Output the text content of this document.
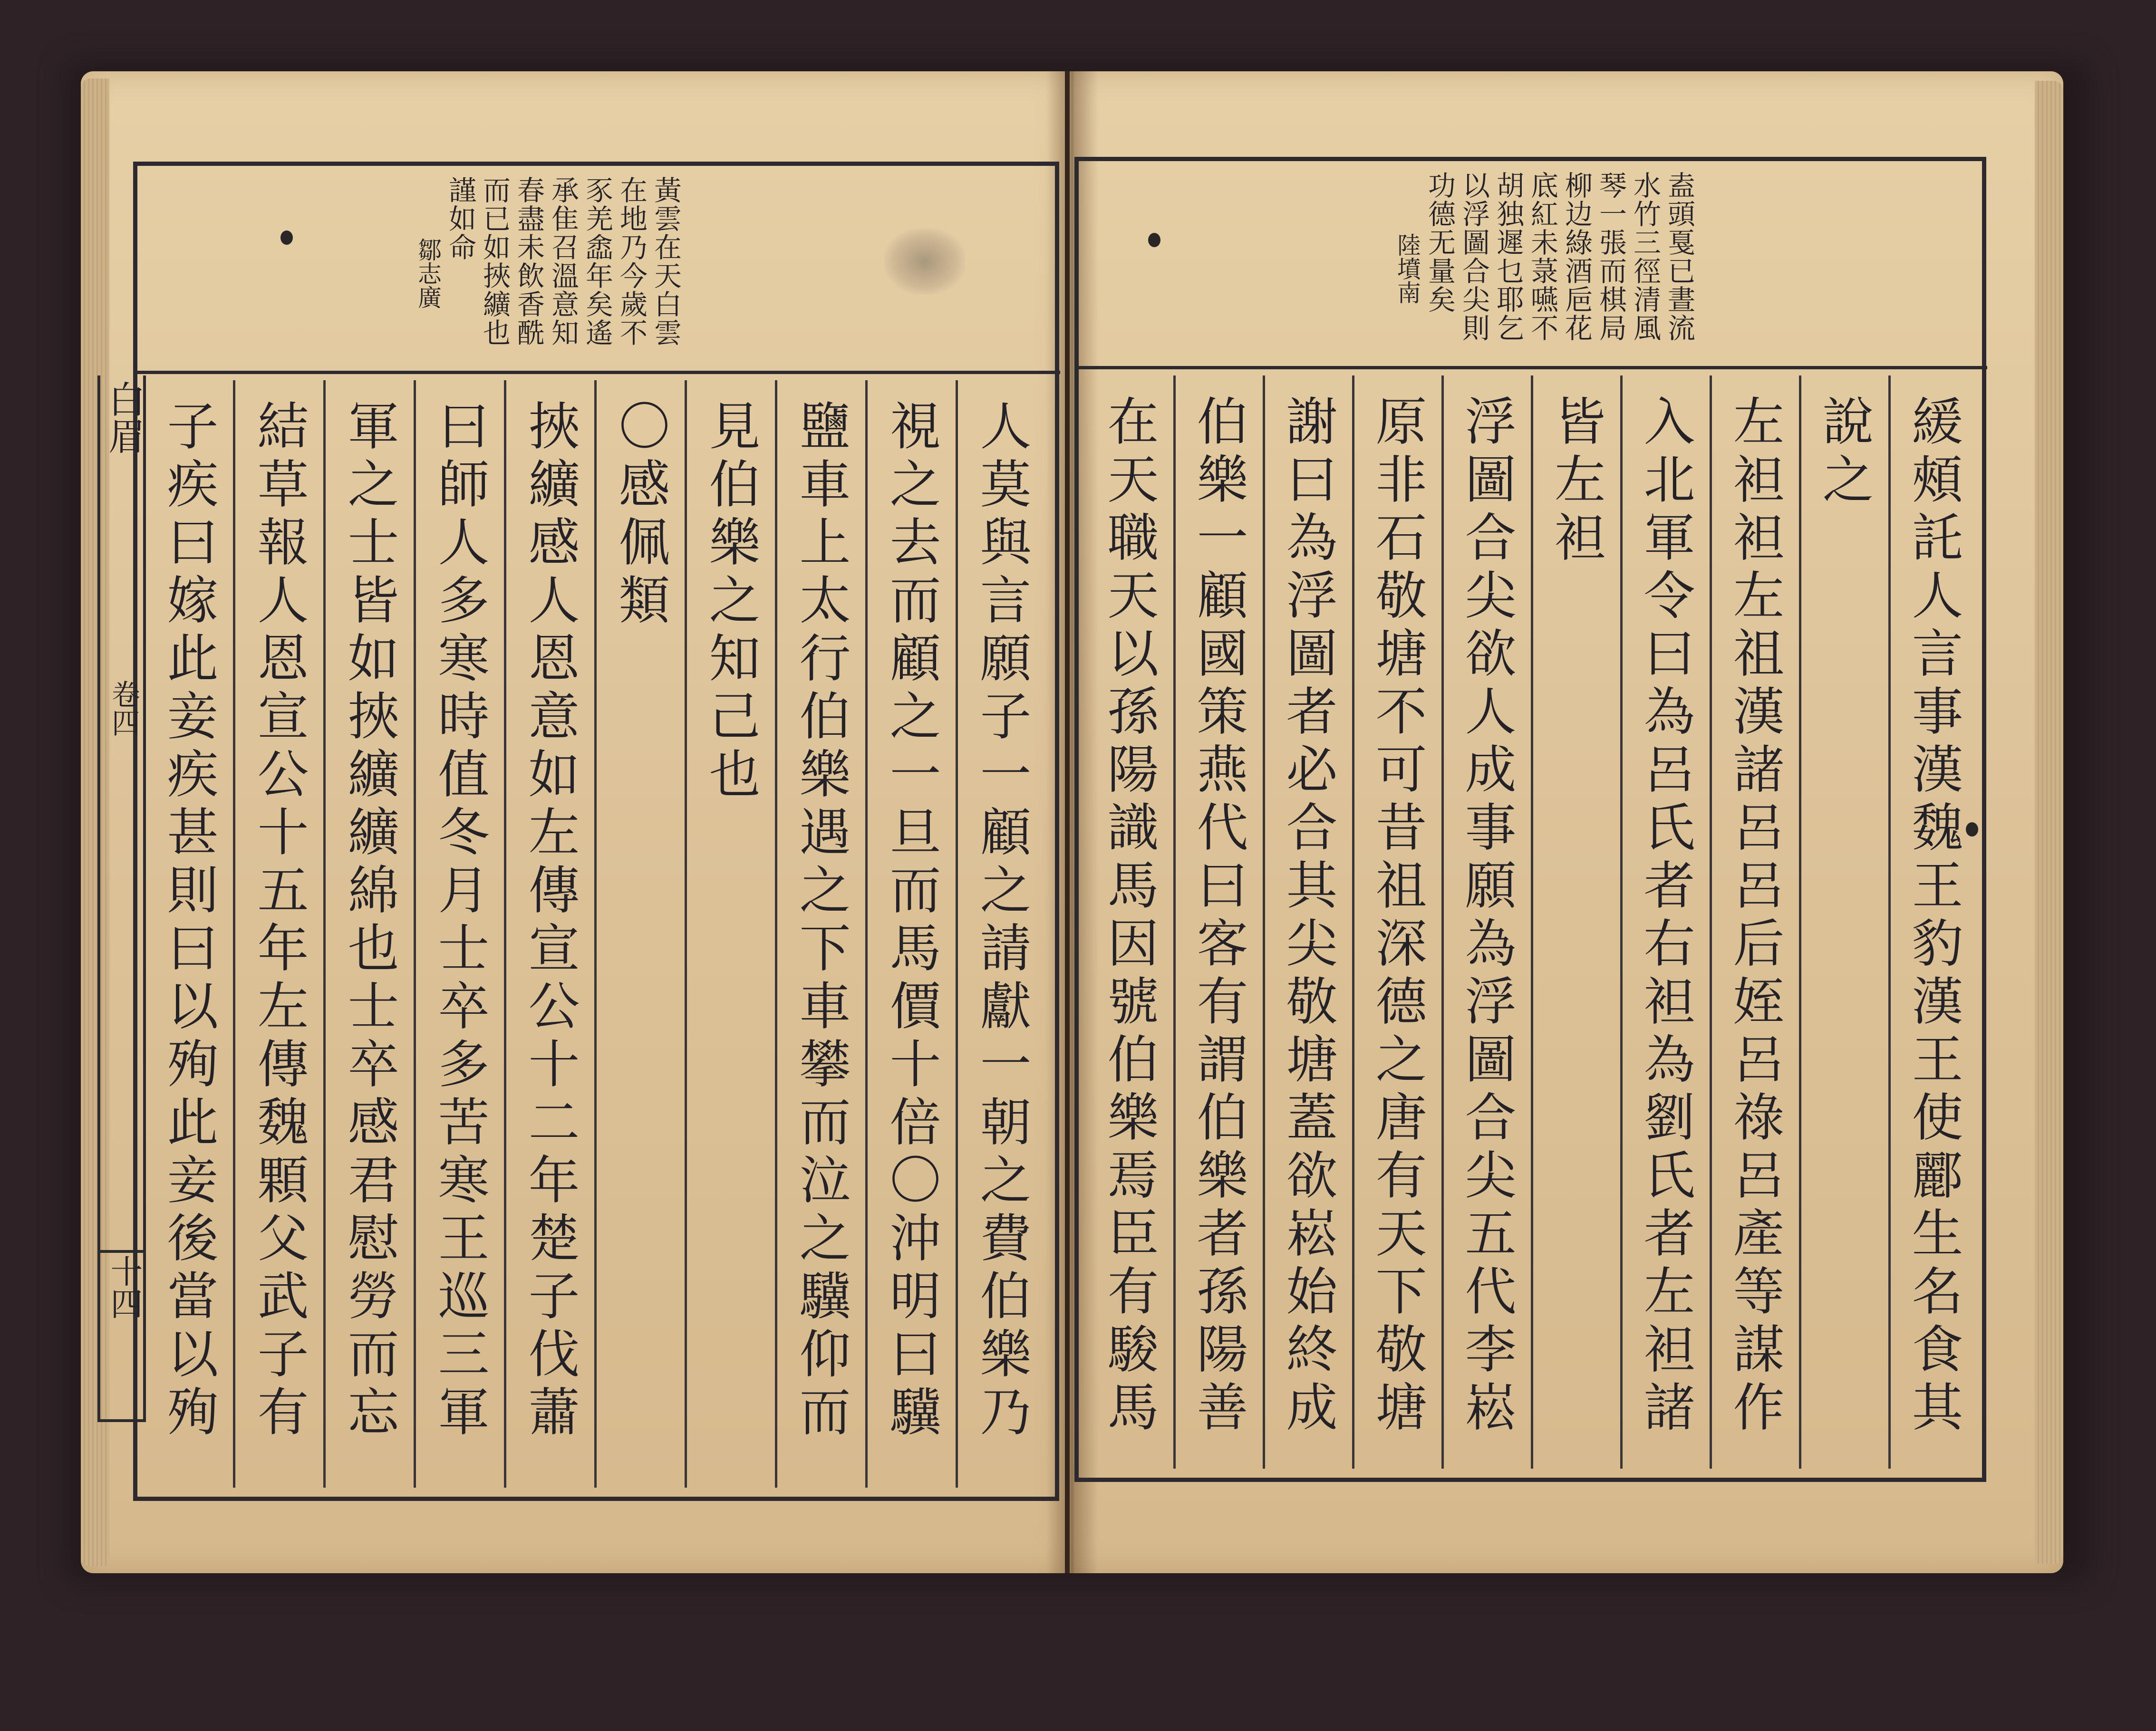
白眉
卷四
十四
黃雲在天白雲
在地乃今歲不
豕羌嵞年矣遙
承隹召溫意知
春盡未飲香酰
而已如挾纊也
謹如命
鄒志廣
人莫與言願子一顧之請獻一朝之費伯樂乃
視之去而顧之一旦而馬價十倍〇沖明曰驥
鹽車上太行伯樂遇之下車攀而泣之驥仰而
見伯樂之知己也
〇感佩類
挾纊感人恩意如左傳宣公十二年楚子伐蕭
曰師人多寒時值冬月士卒多苦寒王巡三軍
軍之士皆如挾纊纊綿也士卒感君慰勞而忘
結草報人恩宣公十五年左傳魏顆父武子有
子疾曰嫁此妾疾甚則曰以殉此妾後當以殉
盍頭戛已晝流
水竹三徑清風
琴一張而棋局
柳边綠酒巵花
底紅未菉嚥不
胡独遲乜耶乞
以浮圖合尖則
功德无量矣
陸墳南
緩頰託人言事漢魏王豹漢王使酈生名食其
說之
左袒袒左祖漢諸呂呂后姪呂祿呂產等謀作
入北軍令曰為呂氏者右袒為劉氏者左袒諸
皆左袒
浮圖合尖欲人成事願為浮圖合尖五代李崧
原非石敬塘不可昔祖深德之唐有天下敬塘
謝曰為浮圖者必合其尖敬塘蓋欲崧始終成
伯樂一顧國策燕代曰客有謂伯樂者孫陽善
在天職天以孫陽識馬因號伯樂焉臣有駿馬
